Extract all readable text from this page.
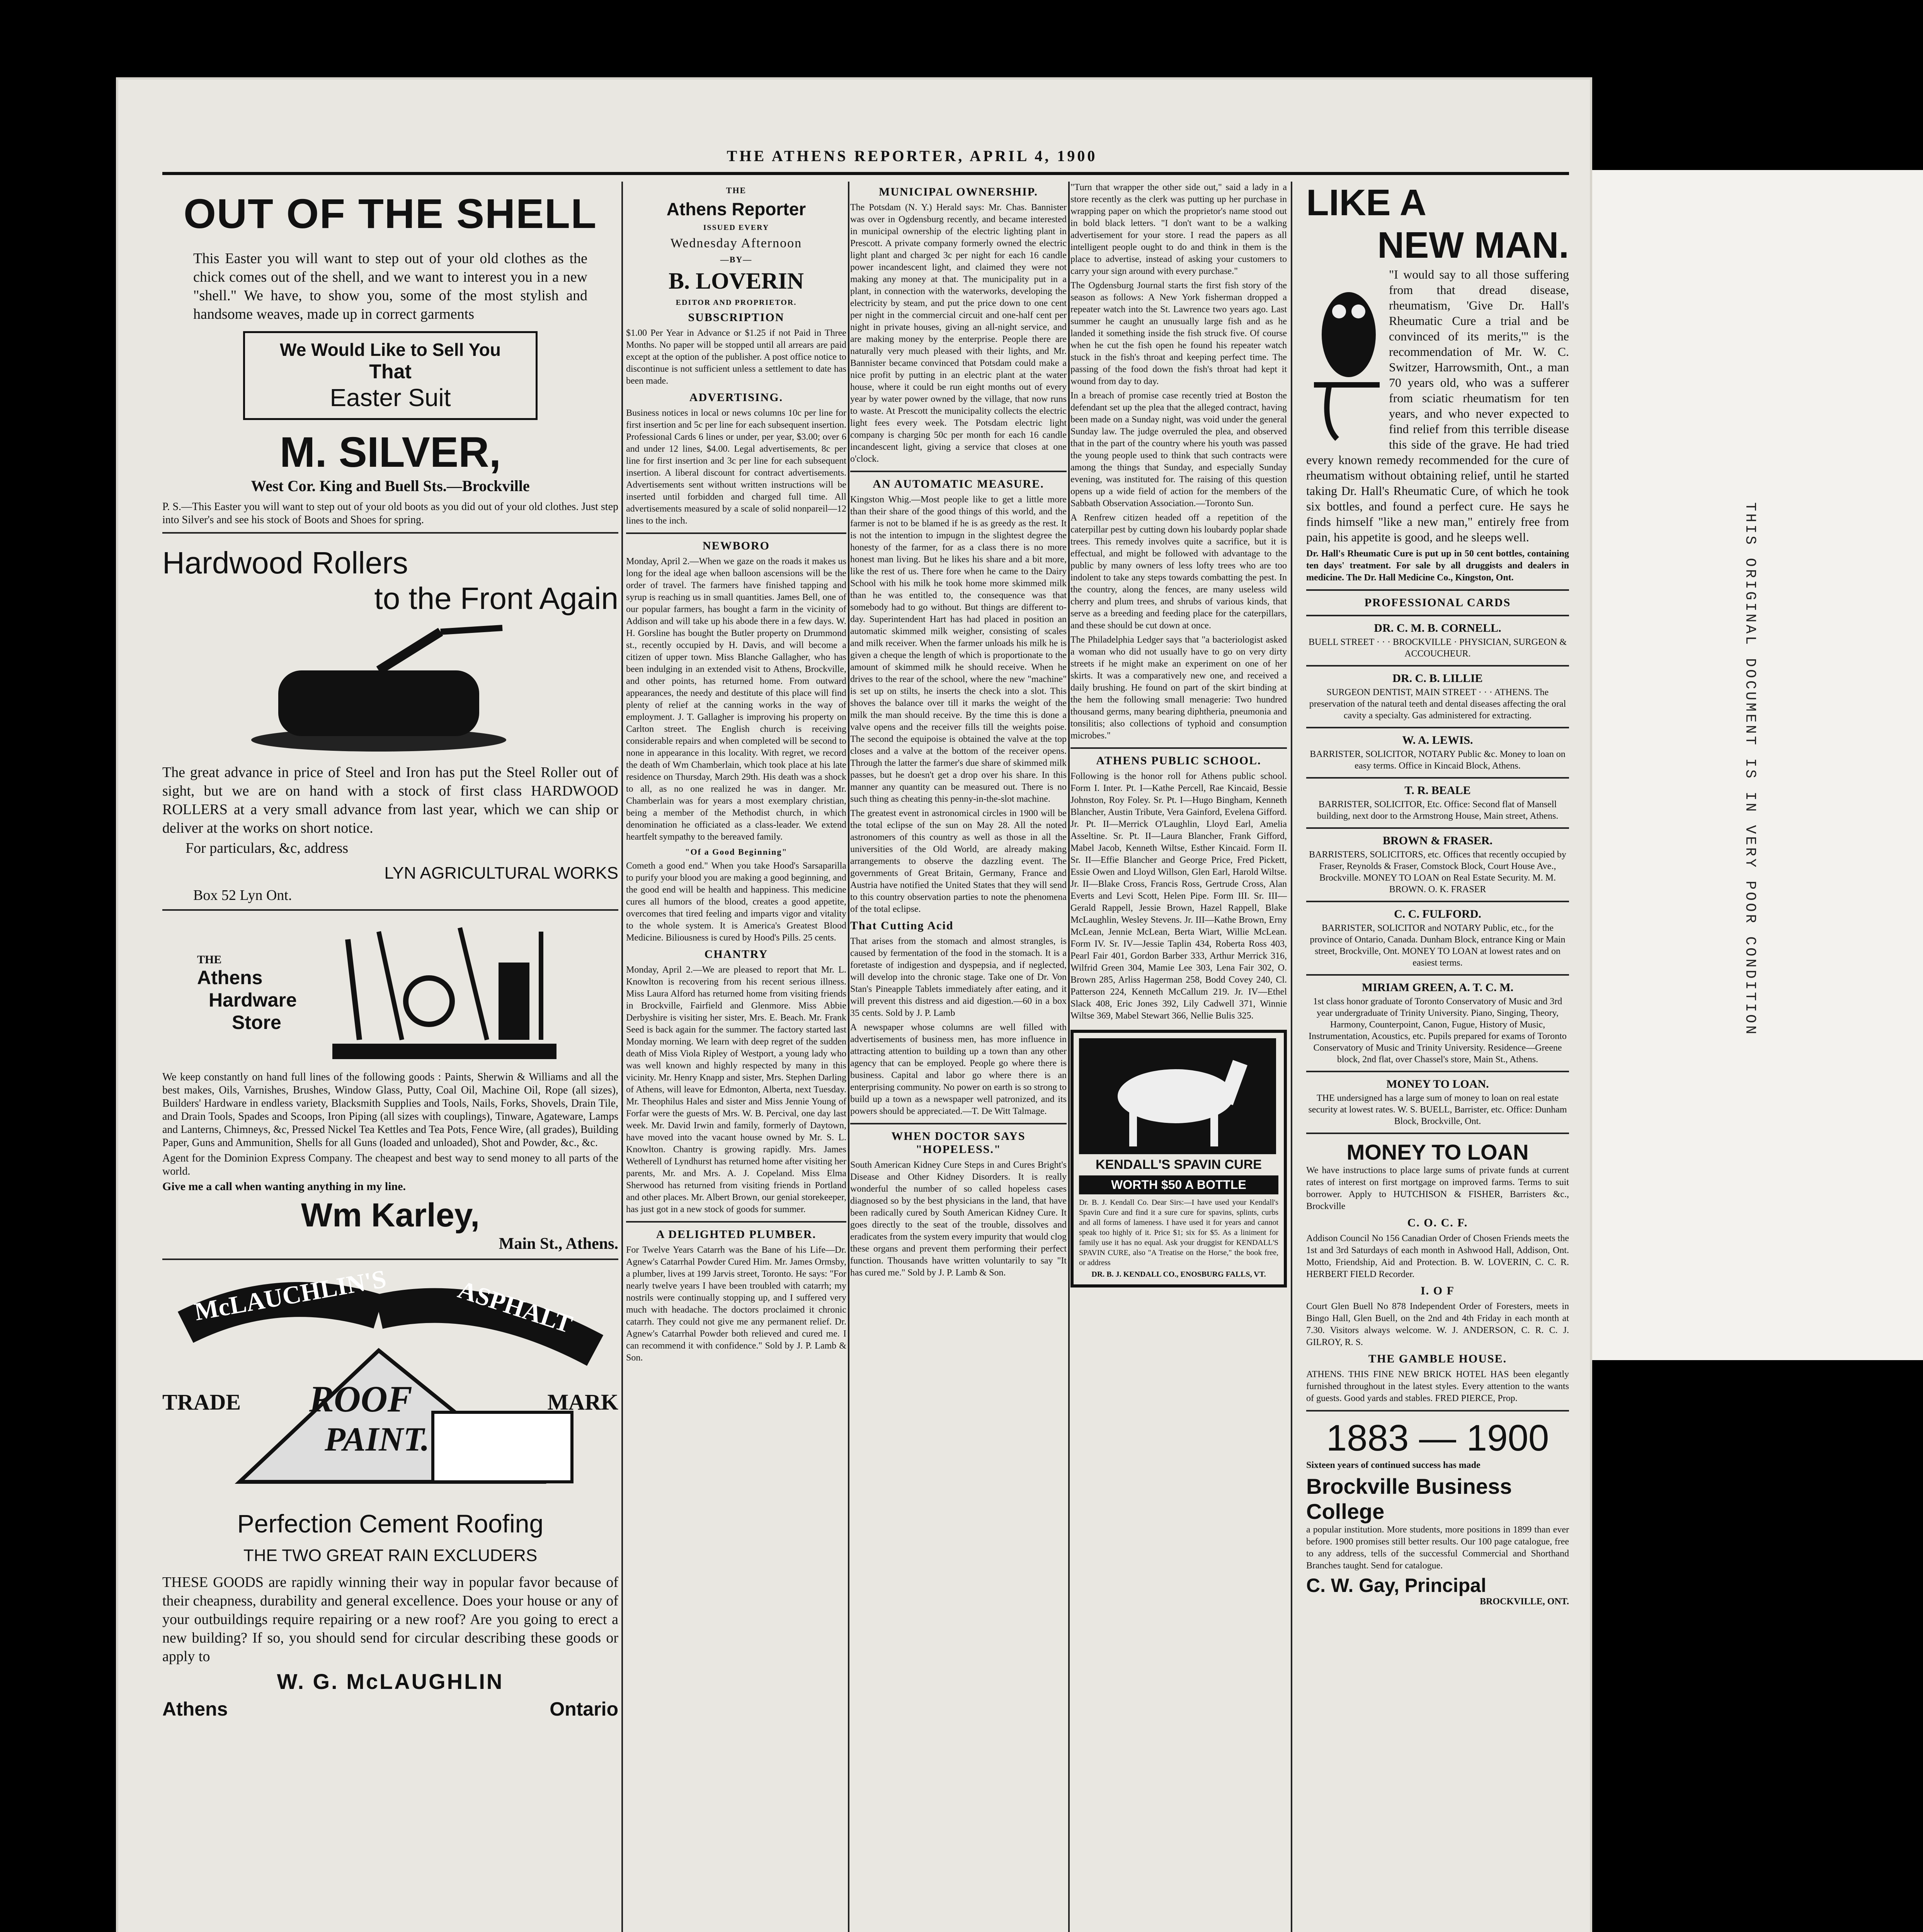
THIS ORIGINAL DOCUMENT IS IN VERY POOR CONDITION
THE ATHENS REPORTER, APRIL 4, 1900
OUT OF THE SHELL

This Easter you will want to step out of your old clothes as the chick comes out of the shell, and we want to interest you in a new "shell." We have, to show you, some of the most stylish and handsome weaves, made up in correct garments

We Would Like to Sell You
That
Easter Suit
M. SILVER,
West Cor. King and Buell Sts.—Brockville

P. S.—This Easter you will want to step out of your old boots as you did out of your old clothes. Just step into Silver's and see his stock of Boots and Shoes for spring.

Hardwood Rollers
to the Front Again

The great advance in price of Steel and Iron has put the Steel Roller out of sight, but we are on hand with a stock of first class HARDWOOD ROLLERS at a very small advance from last year, which we can ship or deliver at the works on short notice.

For particulars, &c, address

LYN AGRICULTURAL WORKS
Box 52 Lyn Ont.
THE
Athens
Hardware
Store

We keep constantly on hand full lines of the following goods : Paints, Sherwin & Williams and all the best makes, Oils, Varnishes, Brushes, Window Glass, Putty, Coal Oil, Machine Oil, Rope (all sizes), Builders' Hardware in endless variety, Blacksmith Supplies and Tools, Nails, Forks, Shovels, Drain Tile, and Drain Tools, Spades and Scoops, Iron Piping (all sizes with couplings), Tinware, Agateware, Lamps and Lanterns, Chimneys, &c, Pressed Nickel Tea Kettles and Tea Pots, Fence Wire, (all grades), Building Paper, Guns and Ammunition, Shells for all Guns (loaded and unloaded), Shot and Powder, &c., &c.

Agent for the Dominion Express Company. The cheapest and best way to send money to all parts of the world.

Give me a call when wanting anything in my line.

Wm Karley,
Main St., Athens.
McLAUCHLIN'S	ASPHALT
TRADE	MARK
ROOF
PAINT.
Perfection Cement Roofing
THE TWO GREAT RAIN EXCLUDERS

THESE GOODS are rapidly winning their way in popular favor because of their cheapness, durability and general excellence. Does your house or any of your outbuildings require repairing or a new roof? Are you going to erect a new building? If so, you should send for circular describing these goods or apply to

W. G. McLAUGHLIN
Athens	Ontario
THE
Athens Reporter
ISSUED EVERY
Wednesday Afternoon
—BY—
B. LOVERIN
EDITOR AND PROPRIETOR.
SUBSCRIPTION

$1.00 Per Year in Advance or $1.25 if not Paid in Three Months. No paper will be stopped until all arrears are paid except at the option of the publisher. A post office notice to discontinue is not sufficient unless a settlement to date has been made.

ADVERTISING.

Business notices in local or news columns 10c per line for first insertion and 5c per line for each subsequent insertion. Professional Cards 6 lines or under, per year, $3.00; over 6 and under 12 lines, $4.00. Legal advertisements, 8c per line for first insertion and 3c per line for each subsequent insertion. A liberal discount for contract advertisements. Advertisements sent without written instructions will be inserted until forbidden and charged full time. All advertisements measured by a scale of solid nonpareil—12 lines to the inch.

NEWBORO

Monday, April 2.—When we gaze on the roads it makes us long for the ideal age when balloon ascensions will be the order of travel. The farmers have finished tapping and syrup is reaching us in small quantities. James Bell, one of our popular farmers, has bought a farm in the vicinity of Addison and will take up his abode there in a few days. W. H. Gorsline has bought the Butler property on Drummond st., recently occupied by H. Davis, and will become a citizen of upper town. Miss Blanche Gallagher, who has been indulging in an extended visit to Athens, Brockville, and other points, has returned home. From outward appearances, the needy and destitute of this place will find plenty of relief at the canning works in the way of employment. J. T. Gallagher is improving his property on Carlton street. The English church is receiving considerable repairs and when completed will be second to none in appearance in this locality. With regret, we record the death of Wm Chamberlain, which took place at his late residence on Thursday, March 29th. His death was a shock to all, as no one realized he was in danger. Mr. Chamberlain was for years a most exemplary christian, being a member of the Methodist church, in which denomination he officiated as a class-leader. We extend heartfelt sympathy to the bereaved family.

"Of a Good Beginning"

Cometh a good end." When you take Hood's Sarsaparilla to purify your blood you are making a good beginning, and the good end will be health and happiness. This medicine cures all humors of the blood, creates a good appetite, overcomes that tired feeling and imparts vigor and vitality to the whole system. It is America's Greatest Blood Medicine. Biliousness is cured by Hood's Pills. 25 cents.

CHANTRY

Monday, April 2.—We are pleased to report that Mr. L. Knowlton is recovering from his recent serious illness. Miss Laura Alford has returned home from visiting friends in Brockville, Fairfield and Glenmore. Miss Abbie Derbyshire is visiting her sister, Mrs. E. Beach. Mr. Frank Seed is back again for the summer. The factory started last Monday morning. We learn with deep regret of the sudden death of Miss Viola Ripley of Westport, a young lady who was well known and highly respected by many in this vicinity. Mr. Henry Knapp and sister, Mrs. Stephen Darling of Athens, will leave for Edmonton, Alberta, next Tuesday. Mr. Theophilus Hales and sister and Miss Jennie Young of Forfar were the guests of Mrs. W. B. Percival, one day last week. Mr. David Irwin and family, formerly of Daytown, have moved into the vacant house owned by Mr. S. L. Knowlton. Chantry is growing rapidly. Mrs. James Wetherell of Lyndhurst has returned home after visiting her parents, Mr. and Mrs. A. J. Copeland. Miss Elma Sherwood has returned from visiting friends in Portland and other places. Mr. Albert Brown, our genial storekeeper, has just got in a new stock of goods for summer.

A DELIGHTED PLUMBER.

For Twelve Years Catarrh was the Bane of his Life—Dr. Agnew's Catarrhal Powder Cured Him. Mr. James Ormsby, a plumber, lives at 199 Jarvis street, Toronto. He says: "For nearly twelve years I have been troubled with catarrh; my nostrils were continually stopping up, and I suffered very much with headache. The doctors proclaimed it chronic catarrh. They could not give me any permanent relief. Dr. Agnew's Catarrhal Powder both relieved and cured me. I can recommend it with confidence." Sold by J. P. Lamb & Son.

MUNICIPAL OWNERSHIP.

The Potsdam (N. Y.) Herald says: Mr. Chas. Bannister was over in Ogdensburg recently, and became interested in municipal ownership of the electric lighting plant in Prescott. A private company formerly owned the electric light plant and charged 3c per night for each 16 candle power incandescent light, and claimed they were not making any money at that. The municipality put in a plant, in connection with the waterworks, developing the electricity by steam, and put the price down to one cent per night in the commercial circuit and one-half cent per night in private houses, giving an all-night service, and are making money by the enterprise. People there are naturally very much pleased with their lights, and Mr. Bannister became convinced that Potsdam could make a nice profit by putting in an electric plant at the water house, where it could be run eight months out of every year by water power owned by the village, that now runs to waste. At Prescott the municipality collects the electric light fees every week. The Potsdam electric light company is charging 50c per month for each 16 candle incandescent light, giving a service that closes at one o'clock.

AN AUTOMATIC MEASURE.

Kingston Whig.—Most people like to get a little more than their share of the good things of this world, and the farmer is not to be blamed if he is as greedy as the rest. It is not the intention to impugn in the slightest degree the honesty of the farmer, for as a class there is no more honest man living. But he likes his share and a bit more, like the rest of us. There fore when he came to the Dairy School with his milk he took home more skimmed milk than he was entitled to, the consequence was that somebody had to go without. But things are different to-day. Superintendent Hart has had placed in position an automatic skimmed milk weigher, consisting of scales and milk receiver. When the farmer unloads his milk he is given a cheque the length of which is proportionate to the amount of skimmed milk he should receive. When he drives to the rear of the school, where the new "machine" is set up on stilts, he inserts the check into a slot. This shoves the balance over till it marks the weight of the milk the man should receive. By the time this is done a valve opens and the receiver fills till the weights poise. The second the equipoise is obtained the valve at the top closes and a valve at the bottom of the receiver opens. Through the latter the farmer's due share of skimmed milk passes, but he doesn't get a drop over his share. In this manner any quantity can be measured out. There is no such thing as cheating this penny-in-the-slot machine.

The greatest event in astronomical circles in 1900 will be the total eclipse of the sun on May 28. All the noted astronomers of this country as well as those in all the universities of the Old World, are already making arrangements to observe the dazzling event. The governments of Great Britain, Germany, France and Austria have notified the United States that they will send to this country observation parties to note the phenomena of the total eclipse.

That Cutting Acid

That arises from the stomach and almost strangles, is caused by fermentation of the food in the stomach. It is a foretaste of indigestion and dyspepsia, and if neglected, will develop into the chronic stage. Take one of Dr. Von Stan's Pineapple Tablets immediately after eating, and it will prevent this distress and aid digestion.—60 in a box 35 cents. Sold by J. P. Lamb

A newspaper whose columns are well filled with advertisements of business men, has more influence in attracting attention to building up a town than any other agency that can be employed. People go where there is business. Capital and labor go where there is an enterprising community. No power on earth is so strong to build up a town as a newspaper well patronized, and its powers should be appreciated.—T. De Witt Talmage.

WHEN DOCTOR SAYS "HOPELESS."

South American Kidney Cure Steps in and Cures Bright's Disease and Other Kidney Disorders. It is really wonderful the number of so called hopeless cases diagnosed so by the best physicians in the land, that have been radically cured by South American Kidney Cure. It goes directly to the seat of the trouble, dissolves and eradicates from the system every impurity that would clog these organs and prevent them performing their perfect function. Thousands have written voluntarily to say "It has cured me." Sold by J. P. Lamb & Son.

"Turn that wrapper the other side out," said a lady in a store recently as the clerk was putting up her purchase in wrapping paper on which the proprietor's name stood out in bold black letters. "I don't want to be a walking advertisement for your store. I read the papers as all intelligent people ought to do and think in them is the place to advertise, instead of asking your customers to carry your sign around with every purchase."

The Ogdensburg Journal starts the first fish story of the season as follows: A New York fisherman dropped a repeater watch into the St. Lawrence two years ago. Last summer he caught an unusually large fish and as he landed it something inside the fish struck five. Of course when he cut the fish open he found his repeater watch stuck in the fish's throat and keeping perfect time. The passing of the food down the fish's throat had kept it wound from day to day.

In a breach of promise case recently tried at Boston the defendant set up the plea that the alleged contract, having been made on a Sunday night, was void under the general Sunday law. The judge overruled the plea, and observed that in the part of the country where his youth was passed the young people used to think that such contracts were among the things that Sunday, and especially Sunday evening, was instituted for. The raising of this question opens up a wide field of action for the members of the Sabbath Observation Association.—Toronto Sun.

A Renfrew citizen headed off a repetition of the caterpillar pest by cutting down his loubardy poplar shade trees. This remedy involves quite a sacrifice, but it is effectual, and might be followed with advantage to the public by many owners of less lofty trees who are too indolent to take any steps towards combatting the pest. In the country, along the fences, are many useless wild cherry and plum trees, and shrubs of various kinds, that serve as a breeding and feeding place for the caterpillars, and these should be cut down at once.

The Philadelphia Ledger says that "a bacteriologist asked a woman who did not usually have to go on very dirty streets if he might make an experiment on one of her skirts. It was a comparatively new one, and received a daily brushing. He found on part of the skirt binding at the hem the following small menagerie: Two hundred thousand germs, many bearing diphtheria, pneumonia and tonsilitis; also collections of typhoid and consumption microbes."

ATHENS PUBLIC SCHOOL.

Following is the honor roll for Athens public school. Form I. Inter. Pt. I—Kathe Percell, Rae Kincaid, Bessie Johnston, Roy Foley. Sr. Pt. I—Hugo Bingham, Kenneth Blancher, Austin Tribute, Vera Gainford, Evelena Gifford. Jr. Pt. II—Merrick O'Laughlin, Lloyd Earl, Amelia Asseltine. Sr. Pt. II—Laura Blancher, Frank Gifford, Mabel Jacob, Kenneth Wiltse, Esther Kincaid. Form II. Sr. II—Effie Blancher and George Price, Fred Pickett, Essie Owen and Lloyd Willson, Glen Earl, Harold Wiltse. Jr. II—Blake Cross, Francis Ross, Gertrude Cross, Alan Everts and Levi Scott, Helen Pipe. Form III. Sr. III—Gerald Rappell, Jessie Brown, Hazel Rappell, Blake McLaughlin, Wesley Stevens. Jr. III—Kathe Brown, Erny McLean, Jennie McLean, Berta Wiart, Willie McLean. Form IV. Sr. IV—Jessie Taplin 434, Roberta Ross 403, Pearl Fair 401, Gordon Barber 333, Arthur Merrick 316, Wilfrid Green 304, Mamie Lee 303, Lena Fair 302, O. Brown 285, Arliss Hagerman 258, Bodd Covey 240, Cl. Patterson 224, Kenneth McCallum 219. Jr. IV—Ethel Slack 408, Eric Jones 392, Lily Cadwell 371, Winnie Wiltse 369, Mabel Stewart 366, Nellie Bulis 325.

KENDALL'S SPAVIN CURE
WORTH $50 A BOTTLE

Dr. B. J. Kendall Co. Dear Sirs:—I have used your Kendall's Spavin Cure and find it a sure cure for spavins, splints, curbs and all forms of lameness. I have used it for years and cannot speak too highly of it. Price $1; six for $5. As a liniment for family use it has no equal. Ask your druggist for KENDALL'S SPAVIN CURE, also "A Treatise on the Horse," the book free, or address

DR. B. J. KENDALL CO., ENOSBURG FALLS, VT.
LIKE A
NEW MAN.

"I would say to all those suffering from that dread disease, rheumatism, 'Give Dr. Hall's Rheumatic Cure a trial and be convinced of its merits,'" is the recommendation of Mr. W. C. Switzer, Harrowsmith, Ont., a man 70 years old, who was a sufferer from sciatic rheumatism for ten years, and who never expected to find relief from this terrible disease this side of the grave. He had tried every known remedy recommended for the cure of rheumatism without obtaining relief, until he started taking Dr. Hall's Rheumatic Cure, of which he took six bottles, and found a perfect cure. He says he finds himself "like a new man," entirely free from pain, his appetite is good, and he sleeps well.

Dr. Hall's Rheumatic Cure is put up in 50 cent bottles, containing ten days' treatment. For sale by all druggists and dealers in medicine. The Dr. Hall Medicine Co., Kingston, Ont.

PROFESSIONAL CARDS
DR. C. M. B. CORNELL.
BUELL STREET · · · BROCKVILLE · PHYSICIAN, SURGEON & ACCOUCHEUR.
DR. C. B. LILLIE
SURGEON DENTIST, MAIN STREET · · · ATHENS. The preservation of the natural teeth and dental diseases affecting the oral cavity a specialty. Gas administered for extracting.
W. A. LEWIS.
BARRISTER, SOLICITOR, NOTARY Public &c. Money to loan on easy terms. Office in Kincaid Block, Athens.
T. R. BEALE
BARRISTER, SOLICITOR, Etc. Office: Second flat of Mansell building, next door to the Armstrong House, Main street, Athens.
BROWN & FRASER.
BARRISTERS, SOLICITORS, etc. Offices that recently occupied by Fraser, Reynolds & Fraser, Comstock Block, Court House Ave., Brockville. MONEY TO LOAN on Real Estate Security. M. M. BROWN. O. K. FRASER
C. C. FULFORD.
BARRISTER, SOLICITOR and NOTARY Public, etc., for the province of Ontario, Canada. Dunham Block, entrance King or Main street, Brockville, Ont. MONEY TO LOAN at lowest rates and on easiest terms.
MIRIAM GREEN, A. T. C. M.
1st class honor graduate of Toronto Conservatory of Music and 3rd year undergraduate of Trinity University. Piano, Singing, Theory, Harmony, Counterpoint, Canon, Fugue, History of Music, Instrumentation, Acoustics, etc. Pupils prepared for exams of Toronto Conservatory of Music and Trinity University. Residence—Greene block, 2nd flat, over Chassel's store, Main St., Athens.
MONEY TO LOAN.
THE undersigned has a large sum of money to loan on real estate security at lowest rates. W. S. BUELL, Barrister, etc. Office: Dunham Block, Brockville, Ont.
MONEY TO LOAN

We have instructions to place large sums of private funds at current rates of interest on first mortgage on improved farms. Terms to suit borrower. Apply to HUTCHISON & FISHER, Barristers &c., Brockville

C. O. C. F.

Addison Council No 156 Canadian Order of Chosen Friends meets the 1st and 3rd Saturdays of each month in Ashwood Hall, Addison, Ont. Motto, Friendship, Aid and Protection. B. W. LOVERIN, C. C. R. HERBERT FIELD Recorder.

I. O F

Court Glen Buell No 878 Independent Order of Foresters, meets in Bingo Hall, Glen Buell, on the 2nd and 4th Friday in each month at 7.30. Visitors always welcome. W. J. ANDERSON, C. R. C. J. GILROY, R. S.

THE GAMBLE HOUSE.

ATHENS. THIS FINE NEW BRICK HOTEL HAS been elegantly furnished throughout in the latest styles. Every attention to the wants of guests. Good yards and stables. FRED PIERCE, Prop.

1883 — 1900

Sixteen years of continued success has made

Brockville Business College

a popular institution. More students, more positions in 1899 than ever before. 1900 promises still better results. Our 100 page catalogue, free to any address, tells of the successful Commercial and Shorthand Branches taught. Send for catalogue.

C. W. Gay, Principal
BROCKVILLE, ONT.
